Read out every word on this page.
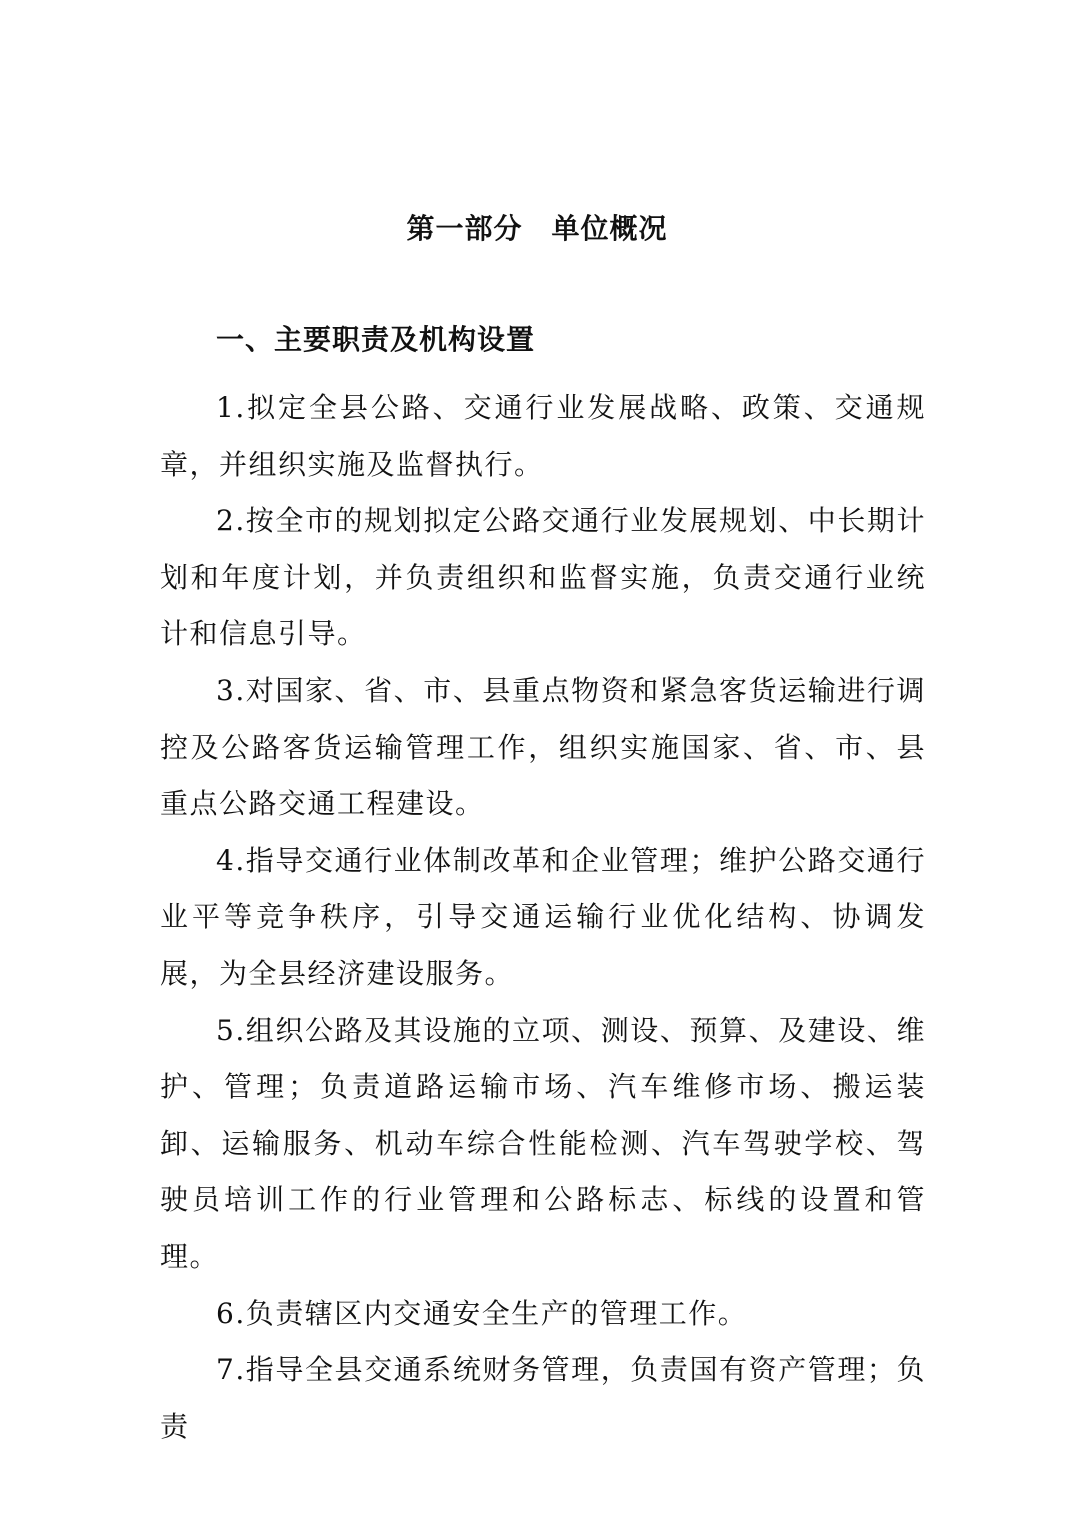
第一部分　单位概况
一、主要职责及机构设置

1.拟定全县公路、交通行业发展战略、政策、交通规章，并组织实施及监督执行。

2.按全市的规划拟定公路交通行业发展规划、中长期计划和年度计划，并负责组织和监督实施，负责交通行业统计和信息引导。

3.对国家、省、市、县重点物资和紧急客货运输进行调控及公路客货运输管理工作，组织实施国家、省、市、县重点公路交通工程建设。

4.指导交通行业体制改革和企业管理；维护公路交通行业平等竞争秩序，引导交通运输行业优化结构、协调发展，为全县经济建设服务。

5.组织公路及其设施的立项、测设、预算、及建设、维护、管理；负责道路运输市场、汽车维修市场、搬运装卸、运输服务、机动车综合性能检测、汽车驾驶学校、驾驶员培训工作的行业管理和公路标志、标线的设置和管理。

6.负责辖区内交通安全生产的管理工作。

7.指导全县交通系统财务管理，负责国有资产管理；负责
